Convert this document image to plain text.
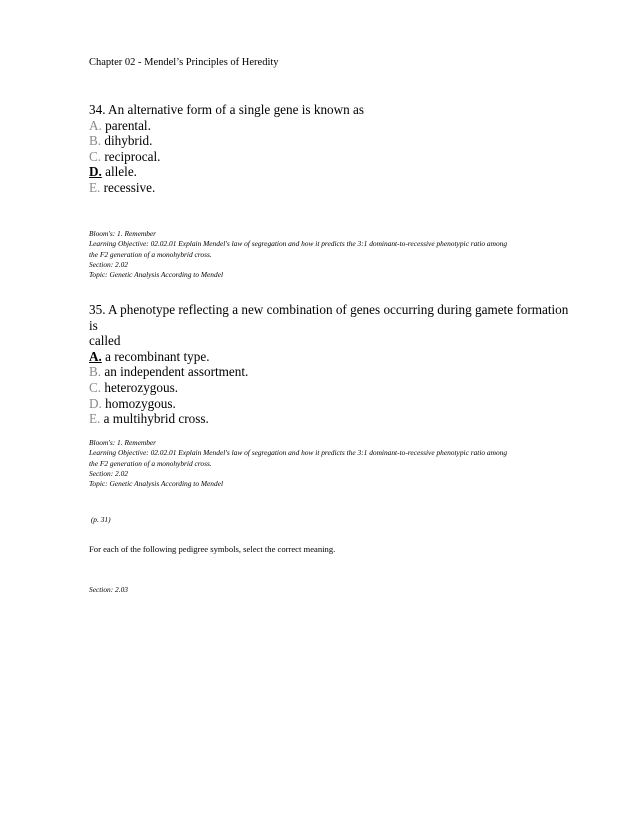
Chapter 02 - Mendel’s Principles of Heredity
34. An alternative form of a single gene is known as
A. parental.
B. dihybrid.
C. reciprocal.
D. allele.
E. recessive.
Bloom's: 1. Remember
Learning Objective: 02.02.01 Explain Mendel's law of segregation and how it predicts the 3:1 dominant-to-recessive phenotypic ratio among
the F2 generation of a monohybrid cross.
Section: 2.02
Topic: Genetic Analysis According to Mendel
35. A phenotype reflecting a new combination of genes occurring during gamete formation is
called
A. a recombinant type.
B. an independent assortment.
C. heterozygous.
D. homozygous.
E. a multihybrid cross.
Bloom's: 1. Remember
Learning Objective: 02.02.01 Explain Mendel's law of segregation and how it predicts the 3:1 dominant-to-recessive phenotypic ratio among
the F2 generation of a monohybrid cross.
Section: 2.02
Topic: Genetic Analysis According to Mendel
(p. 31)
For each of the following pedigree symbols, select the correct meaning.
Section: 2.03
